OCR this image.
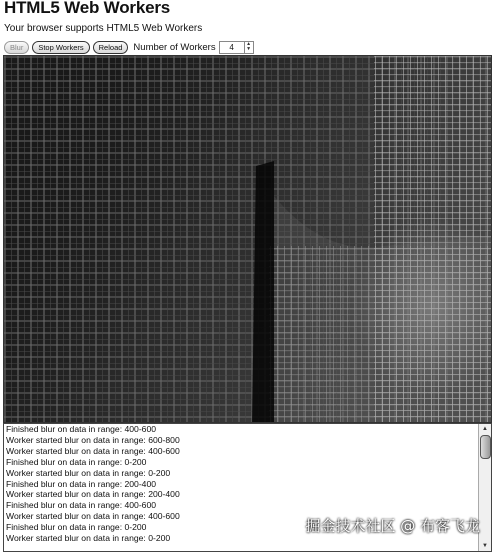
HTML5 Web Workers
Your browser supports HTML5 Web Workers
Blur	Stop Workers	Reload	Number of Workers	4	▲
▼
Finished blur on data in range: 400-600
Worker started blur on data in range: 600-800
Worker started blur on data in range: 400-600
Finished blur on data in range: 0-200
Worker started blur on data in range: 0-200
Finished blur on data in range: 200-400
Worker started blur on data in range: 200-400
Finished blur on data in range: 400-600
Worker started blur on data in range: 400-600
Finished blur on data in range: 0-200
Worker started blur on data in range: 0-200
▲
▼
掘金技术社区 @ 布客飞龙
